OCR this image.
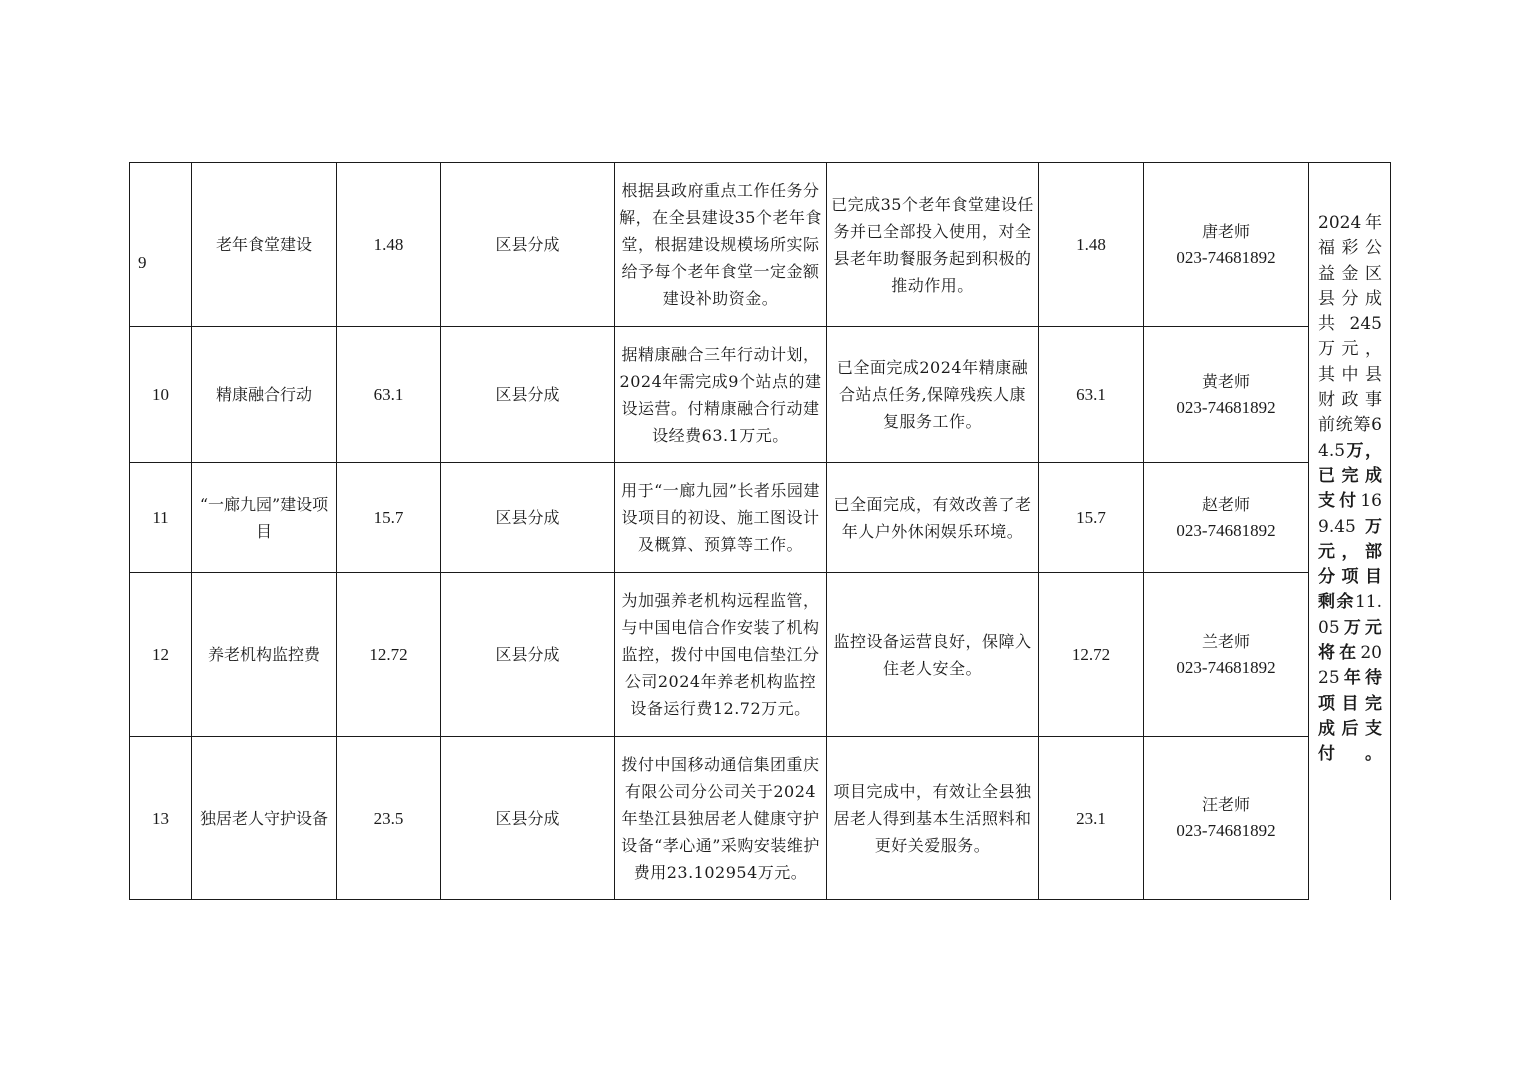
9	老年食堂建设	1.48	区县分成	根据县政府重点工作任务分解，在全县建设35个老年食堂，根据建设规模场所实际给予每个老年食堂一定金额建设补助资金。	已完成35个老年食堂建设任务并已全部投入使用，对全县老年助餐服务起到积极的推动作用。	1.48	唐老师
023-74681892

10	精康融合行动	63.1	区县分成	据精康融合三年行动计划，2024年需完成9个站点的建设运营。付精康融合行动建设经费63.1万元。	已全面完成2024年精康融合站点任务,保障残疾人康复服务工作。	63.1	黄老师
023-74681892

11	“一廊九园”建设项目	15.7	区县分成	用于“一廊九园”长者乐园建设项目的初设、施工图设计及概算、预算等工作。	已全面完成，有效改善了老年人户外休闲娱乐环境。	15.7	赵老师
023-74681892

12	养老机构监控费	12.72	区县分成	为加强养老机构远程监管，与中国电信合作安装了机构监控，拨付中国电信垫江分公司2024年养老机构监控设备运行费12.72万元。	监控设备运营良好，保障入住老人安全。	12.72	兰老师
023-74681892

13	独居老人守护设备	23.5	区县分成	拨付中国移动通信集团重庆有限公司分公司关于2024年垫江县独居老人健康守护设备“孝心通”采购安装维护费用23.102954万元。	项目完成中，有效让全县独居老人得到基本生活照料和更好关爱服务。	23.1	汪老师
023-74681892
2024年福彩公益金区县分成共245万元，其中县财政事前统筹64.5万，已完成支付169.45万元，部分项目剩余11.05万元将在2025年待项目完成后支付。
